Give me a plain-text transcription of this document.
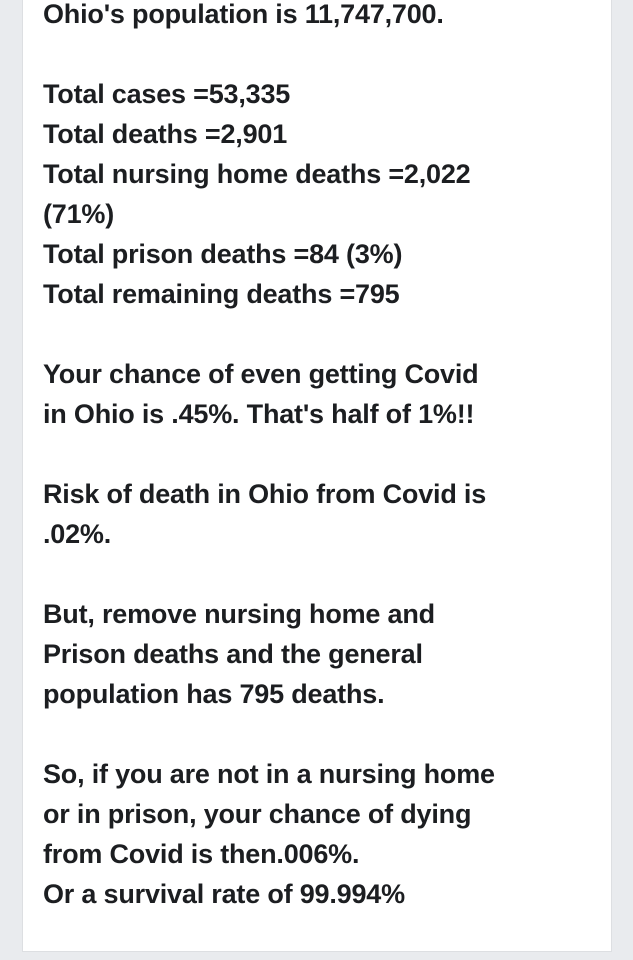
Ohio's population is 11,747,700.

Total cases =53,335

Total deaths =2,901

Total nursing home deaths =2,022

(71%)

Total prison deaths =84 (3%)

Total remaining deaths =795

Your chance of even getting Covid

in Ohio is .45%. That's half of 1%!!

Risk of death in Ohio from Covid is

.02%.

But, remove nursing home and

Prison deaths and the general

population has 795 deaths.

So, if you are not in a nursing home

or in prison, your chance of dying

from Covid is then.006%.

Or a survival rate of 99.994%
